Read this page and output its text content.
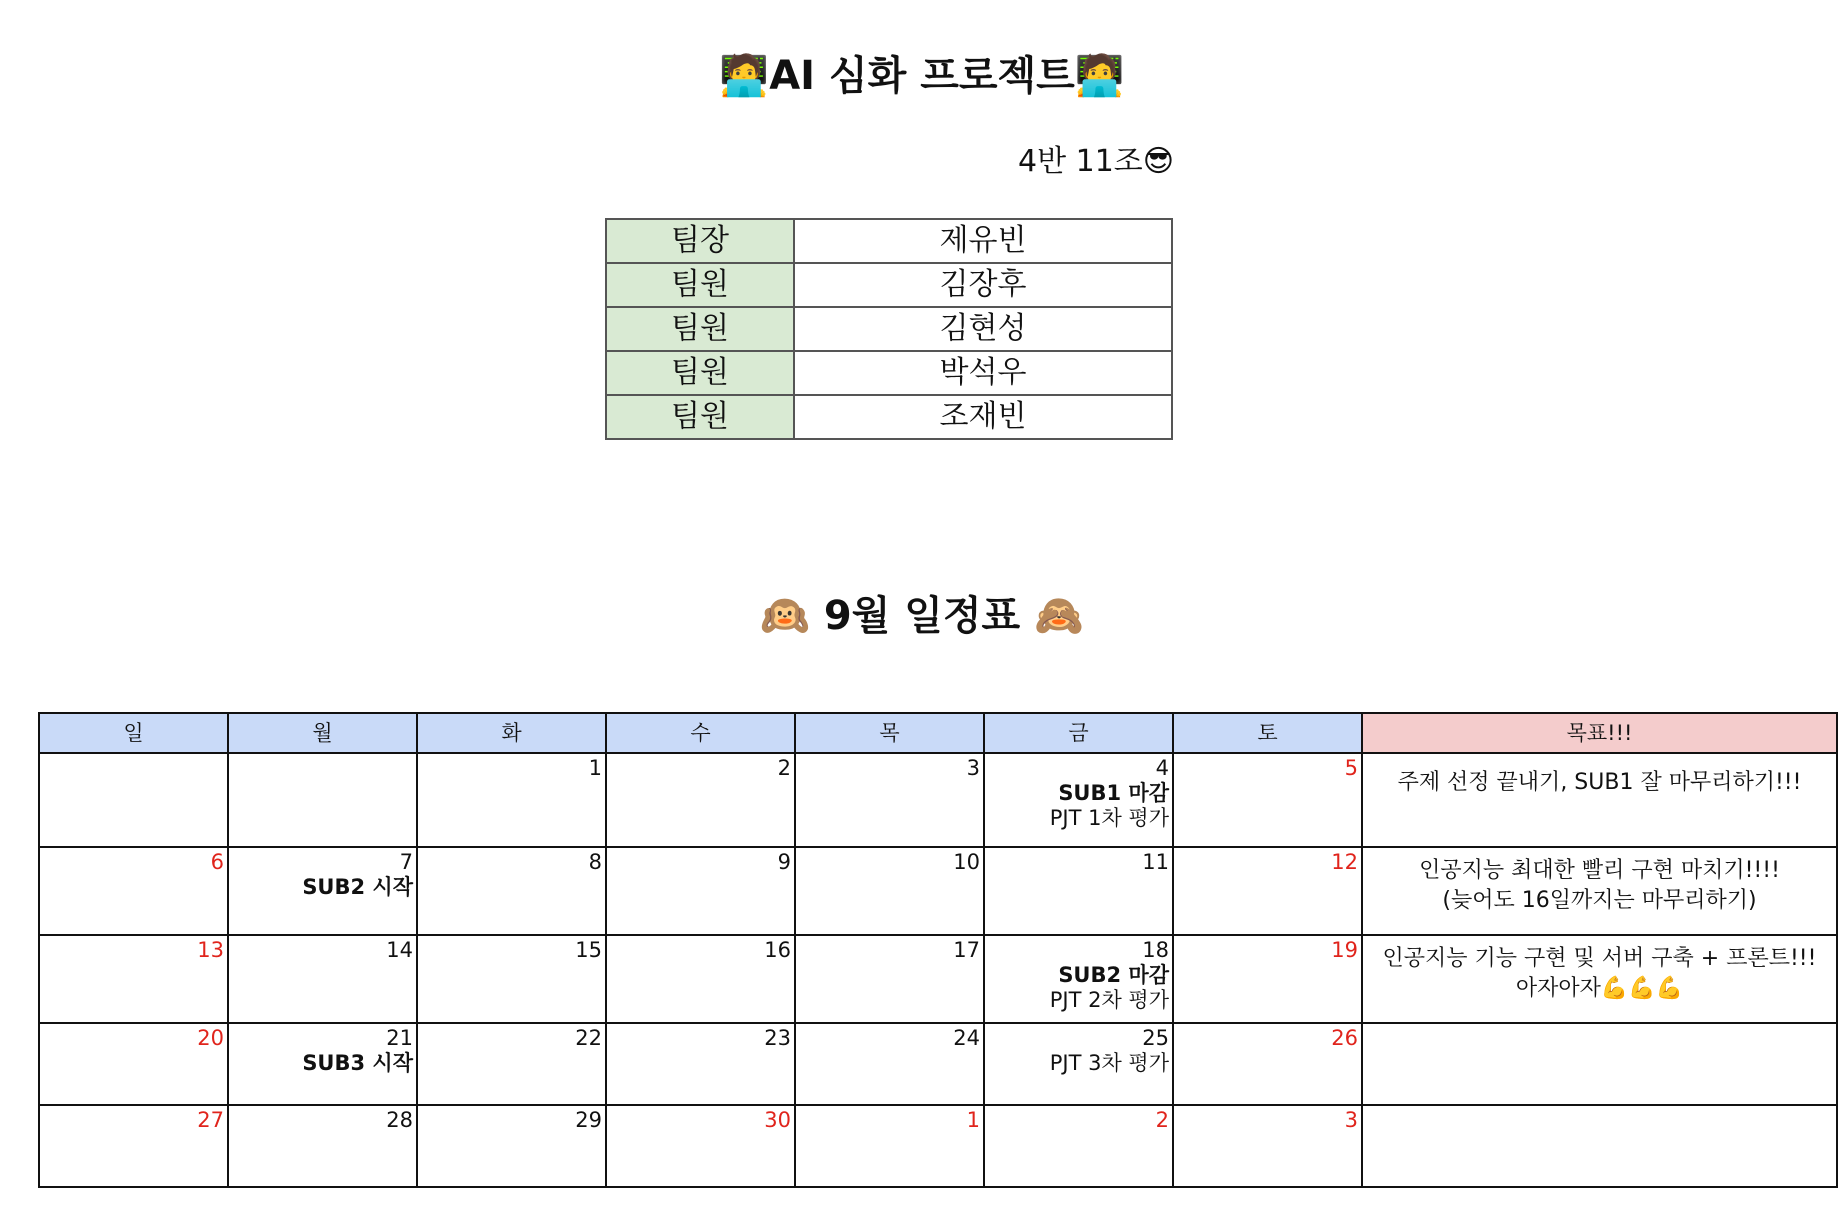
🧑‍💻AI 심화 프로젝트🧑‍💻
4반 11조😎
팀장	제유빈
팀원	김장후
팀원	김현성
팀원	박석우
팀원	조재빈
🙉 9월 일정표 🙈
일	월	화	수	목	금	토	목표!!!

		1	2	3	4
SUB1 마감
PJT 1차 평가	5	주제 선정 끝내기, SUB1 잘 마무리하기!!!

6	7
SUB2 시작	8	9	10	11	12	인공지능 최대한 빨리 구현 마치기!!!!
(늦어도 16일까지는 마무리하기)

13	14	15	16	17	18
SUB2 마감
PJT 2차 평가	19	인공지능 기능 구현 및 서버 구축 + 프론트!!!
아자아자💪💪💪

20	21
SUB3 시작	22	23	24	25
PJT 3차 평가	26	

27	28	29	30	1	2	3	
